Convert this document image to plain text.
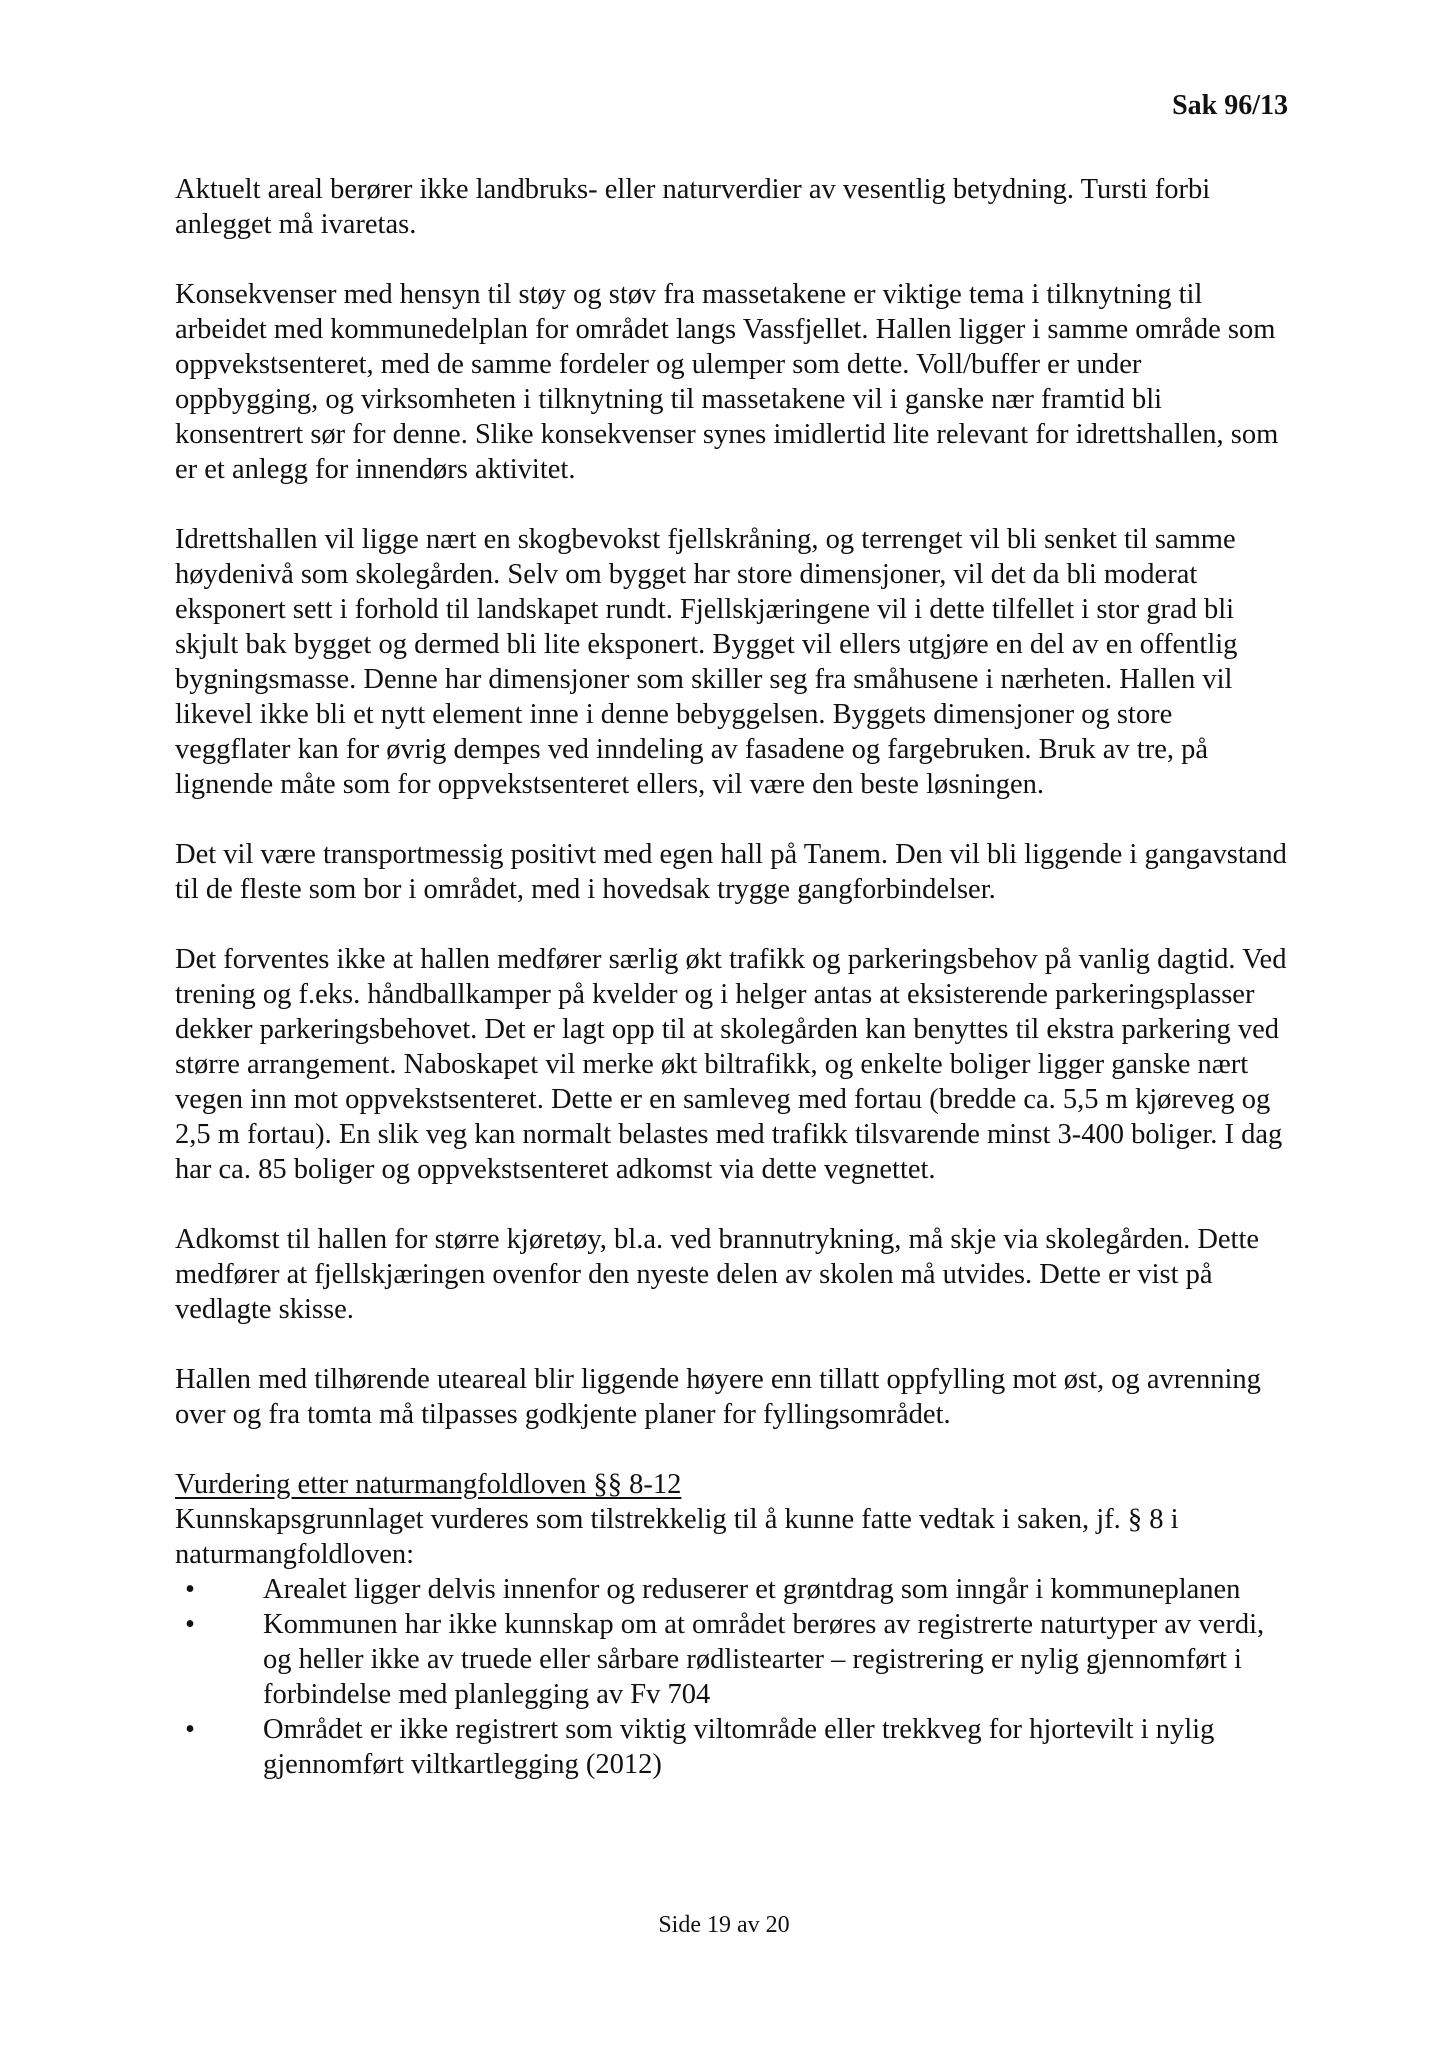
Sak 96/13

Aktuelt areal berører ikke landbruks- eller naturverdier av vesentlig betydning. Tursti forbi anlegget må ivaretas.

Konsekvenser med hensyn til støy og støv fra massetakene er viktige tema i tilknytning til arbeidet med kommunedelplan for området langs Vassfjellet. Hallen ligger i samme område som oppvekstsenteret, med de samme fordeler og ulemper som dette. Voll/buffer er under oppbygging, og virksomheten i tilknytning til massetakene vil i ganske nær framtid bli konsentrert sør for denne. Slike konsekvenser synes imidlertid lite relevant for idrettshallen, som er et anlegg for innendørs aktivitet.

Idrettshallen vil ligge nært en skogbevokst fjellskråning, og terrenget vil bli senket til samme høydenivå som skolegården. Selv om bygget har store dimensjoner, vil det da bli moderat eksponert sett i forhold til landskapet rundt. Fjellskjæringene vil i dette tilfellet i stor grad bli skjult bak bygget og dermed bli lite eksponert. Bygget vil ellers utgjøre en del av en offentlig bygningsmasse. Denne har dimensjoner som skiller seg fra småhusene i nærheten. Hallen vil likevel ikke bli et nytt element inne i denne bebyggelsen. Byggets dimensjoner og store veggflater kan for øvrig dempes ved inndeling av fasadene og fargebruken. Bruk av tre, på lignende måte som for oppvekstsenteret ellers, vil være den beste løsningen.

Det vil være transportmessig positivt med egen hall på Tanem. Den vil bli liggende i gangavstand til de fleste som bor i området, med i hovedsak trygge gangforbindelser.

Det forventes ikke at hallen medfører særlig økt trafikk og parkeringsbehov på vanlig dagtid. Ved trening og f.eks. håndballkamper på kvelder og i helger antas at eksisterende parkeringsplasser dekker parkeringsbehovet. Det er lagt opp til at skolegården kan benyttes til ekstra parkering ved større arrangement. Naboskapet vil merke økt biltrafikk, og enkelte boliger ligger ganske nært vegen inn mot oppvekstsenteret. Dette er en samleveg med fortau (bredde ca. 5,5 m kjøreveg og 2,5 m fortau). En slik veg kan normalt belastes med trafikk tilsvarende minst 3-400 boliger. I dag har ca. 85 boliger og oppvekstsenteret adkomst via dette vegnettet.

Adkomst til hallen for større kjøretøy, bl.a. ved brannutrykning, må skje via skolegården. Dette medfører at fjellskjæringen ovenfor den nyeste delen av skolen må utvides. Dette er vist på vedlagte skisse.

Hallen med tilhørende uteareal blir liggende høyere enn tillatt oppfylling mot øst, og avrenning over og fra tomta må tilpasses godkjente planer for fyllingsområdet.

Vurdering etter naturmangfoldloven §§ 8-12

Kunnskapsgrunnlaget vurderes som tilstrekkelig til å kunne fatte vedtak i saken, jf. § 8 i naturmangfoldloven:

•	Arealet ligger delvis innenfor og reduserer et grøntdrag som inngår i kommuneplanen
•	Kommunen har ikke kunnskap om at området berøres av registrerte naturtyper av verdi, og heller ikke av truede eller sårbare rødlistearter – registrering er nylig gjennomført i forbindelse med planlegging av Fv 704
•	Området er ikke registrert som viktig viltområde eller trekkveg for hjortevilt i nylig gjennomført viltkartlegging (2012)
Side 19 av 20
